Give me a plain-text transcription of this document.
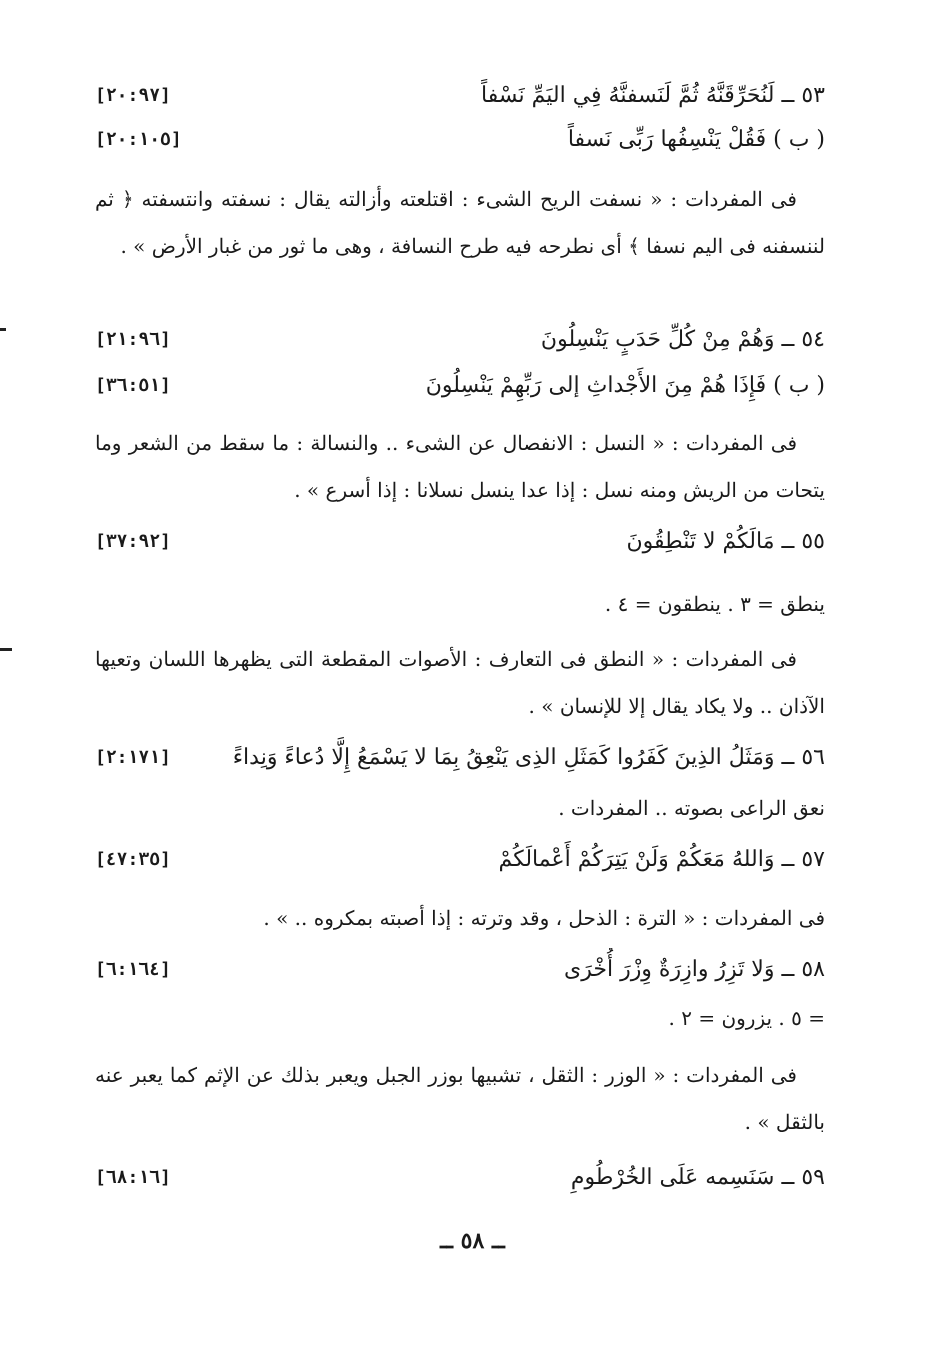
٥٣ ــ لَنُحَرِّقَنَّهُ ثُمَّ لَنَسفنَّهُ فِي اليَمِّ نَسْفاً
[٢٠:٩٧]
( ب ) فَقُلْ يَنْسِفُها رَبِّى نَسفاً
[٢٠:١٠٥]
فى المفردات : « نسفت الريح الشىء : اقتلعته وأزالته يقال : نسفته وانتسفته ﴿ ثم لننسفنه فى اليم نسفا ﴾ أى نطرحه فيه طرح النسافة ، وهى ما ثور من غبار الأرض » .
٥٤ ــ وَهُمْ مِنْ كُلِّ حَدَبٍ يَنْسِلُونَ
[٢١:٩٦]
( ب ) فَإِذَا هُمْ مِنَ الأَجْداثِ إلى رَبِّهِمْ يَنْسِلُونَ
[٣٦:٥١]
فى المفردات : « النسل : الانفصال عن الشىء .. والنسالة : ما سقط من الشعر وما يتحات من الريش ومنه نسل : إذا عدا ينسل نسلانا : إذا أسرع » .
٥٥ ــ مَالَكُمْ لا تَنْطِقُونَ
[٣٧:٩٢]
ينطق = ٣ . ينطقون = ٤ .
فى المفردات : « النطق فى التعارف : الأصوات المقطعة التى يظهرها اللسان وتعيها الآذان .. ولا يكاد يقال إلا للإنسان » .
٥٦ ــ وَمَثَلُ الذِينَ كَفَرُوا كَمَثَلِ الذِى يَنْعِقُ بِمَا لا يَسْمَعُ إِلَّا دُعاءً وَنِداءً
[٢:١٧١]
نعق الراعى بصوته .. المفردات .
٥٧ ــ وَاللهُ مَعَكُمْ وَلَنْ يَتِرَكُمْ أَعْمالَكُمْ
[٤٧:٣٥]
فى المفردات : « الترة : الذحل ، وقد وترته : إذا أصبته بمكروه .. » .
٥٨ ــ وَلا تَزِرُ وازِرَةٌ وِزْرَ أُخْرَى
[٦:١٦٤]
= ٥ . يزرون = ٢ .
فى المفردات : « الوزر : الثقل ، تشبيها بوزر الجبل ويعبر بذلك عن الإثم كما يعبر عنه بالثقل » .
٥٩ ــ سَنَسِمه عَلَى الخُرْطُومِ
[٦٨:١٦]
ــ ٥٨ ــ
